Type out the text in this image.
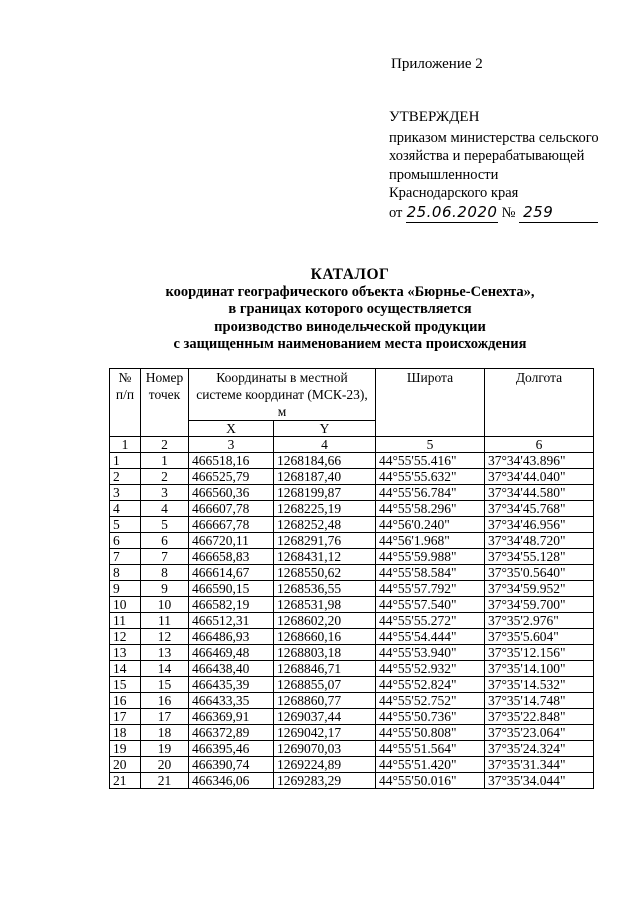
Приложение 2
УТВЕРЖДЕН
приказом министерства сельского
хозяйства и перерабатывающей
промышленности
Краснодарского края
от 25.06.2020 № 259
КАТАЛОГ
координат географического объекта «Бюрнье-Сенехта»,
в границах которого осуществляется
производство винодельческой продукции
с защищенным наименованием места происхождения
№ п/п	Номер точек	Координаты в местной системе координат (МСК-23), м		Широта	Долгота
		X	Y		
1	2	3	4	5	6
1	1	466518,16	1268184,66	44°55'55.416"	37°34'43.896"
2	2	466525,79	1268187,40	44°55'55.632"	37°34'44.040"
3	3	466560,36	1268199,87	44°55'56.784"	37°34'44.580"
4	4	466607,78	1268225,19	44°55'58.296"	37°34'45.768"
5	5	466667,78	1268252,48	44°56'0.240"	37°34'46.956"
6	6	466720,11	1268291,76	44°56'1.968"	37°34'48.720"
7	7	466658,83	1268431,12	44°55'59.988"	37°34'55.128"
8	8	466614,67	1268550,62	44°55'58.584"	37°35'0.5640"
9	9	466590,15	1268536,55	44°55'57.792"	37°34'59.952"
10	10	466582,19	1268531,98	44°55'57.540"	37°34'59.700"
11	11	466512,31	1268602,20	44°55'55.272"	37°35'2.976"
12	12	466486,93	1268660,16	44°55'54.444"	37°35'5.604"
13	13	466469,48	1268803,18	44°55'53.940"	37°35'12.156"
14	14	466438,40	1268846,71	44°55'52.932"	37°35'14.100"
15	15	466435,39	1268855,07	44°55'52.824"	37°35'14.532"
16	16	466433,35	1268860,77	44°55'52.752"	37°35'14.748"
17	17	466369,91	1269037,44	44°55'50.736"	37°35'22.848"
18	18	466372,89	1269042,17	44°55'50.808"	37°35'23.064"
19	19	466395,46	1269070,03	44°55'51.564"	37°35'24.324"
20	20	466390,74	1269224,89	44°55'51.420"	37°35'31.344"
21	21	466346,06	1269283,29	44°55'50.016"	37°35'34.044"
